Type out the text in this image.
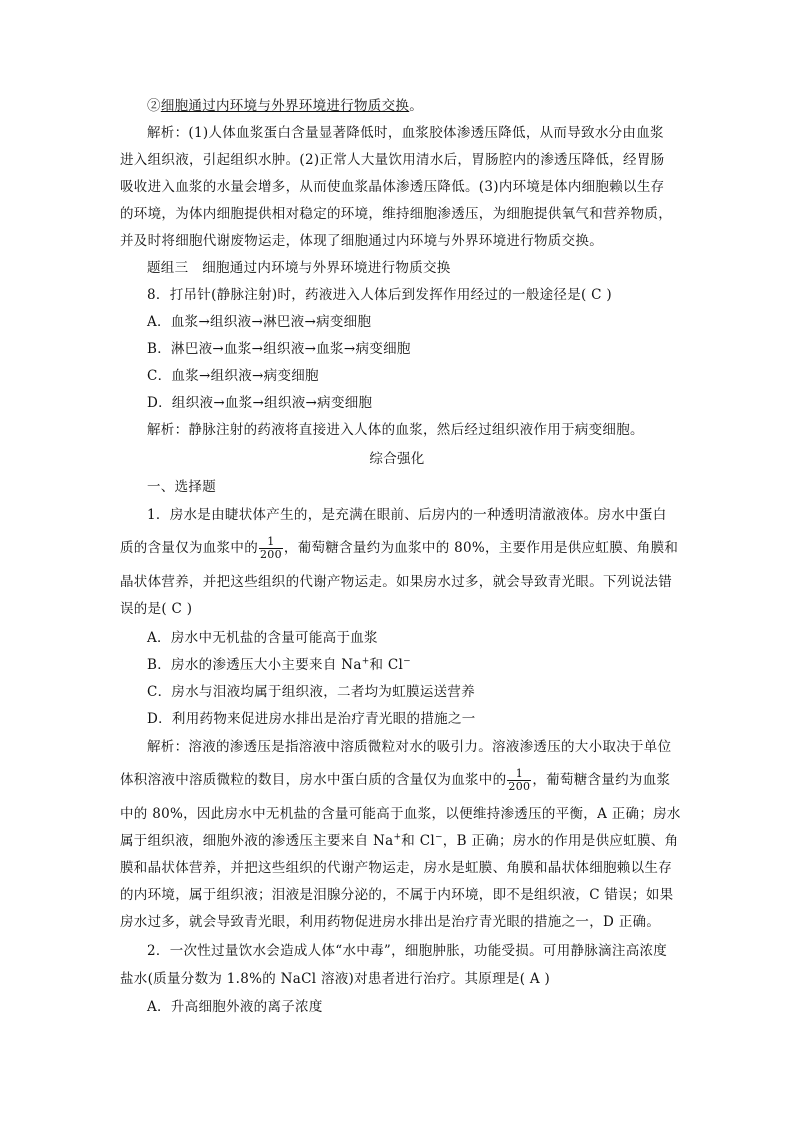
②细胞通过内环境与外界环境进行物质交换。
解析：(1)人体血浆蛋白含量显著降低时，血浆胶体渗透压降低，从而导致水分由血浆
进入组织液，引起组织水肿。(2)正常人大量饮用清水后，胃肠腔内的渗透压降低，经胃肠
吸收进入血浆的水量会增多，从而使血浆晶体渗透压降低。(3)内环境是体内细胞赖以生存
的环境，为体内细胞提供相对稳定的环境，维持细胞渗透压，为细胞提供氧气和营养物质，
并及时将细胞代谢废物运走，体现了细胞通过内环境与外界环境进行物质交换。
题组三　细胞通过内环境与外界环境进行物质交换
8．打吊针(静脉注射)时，药液进入人体后到发挥作用经过的一般途径是( C )
A．血浆→组织液→淋巴液→病变细胞
B．淋巴液→血浆→组织液→血浆→病变细胞
C．血浆→组织液→病变细胞
D．组织液→血浆→组织液→病变细胞
解析：静脉注射的药液将直接进入人体的血浆，然后经过组织液作用于病变细胞。
综合强化
一、选择题
1．房水是由睫状体产生的，是充满在眼前、后房内的一种透明清澈液体。房水中蛋白
质的含量仅为血浆中的 $\frac{1}{200}$ ，葡萄糖含量约为血浆中的 80%，主要作用是供应虹膜、角膜和
晶状体营养，并把这些组织的代谢产物运走。如果房水过多，就会导致青光眼。下列说法错
误的是( C )
A．房水中无机盐的含量可能高于血浆
B．房水的渗透压大小主要来自 Na+和 Cl−
C．房水与泪液均属于组织液，二者均为虹膜运送营养
D．利用药物来促进房水排出是治疗青光眼的措施之一
解析：溶液的渗透压是指溶液中溶质微粒对水的吸引力。溶液渗透压的大小取决于单位
体积溶液中溶质微粒的数目，房水中蛋白质的含量仅为血浆中的 $\frac{1}{200}$ ，葡萄糖含量约为血浆
中的 80%，因此房水中无机盐的含量可能高于血浆，以便维持渗透压的平衡，A 正确；房水
属于组织液，细胞外液的渗透压主要来自 Na+和 Cl−，B 正确；房水的作用是供应虹膜、角
膜和晶状体营养，并把这些组织的代谢产物运走，房水是虹膜、角膜和晶状体细胞赖以生存
的内环境，属于组织液；泪液是泪腺分泌的，不属于内环境，即不是组织液，C 错误；如果
房水过多，就会导致青光眼，利用药物促进房水排出是治疗青光眼的措施之一，D 正确。
2．一次性过量饮水会造成人体“水中毒”，细胞肿胀，功能受损。可用静脉滴注高浓度
盐水(质量分数为 1.8%的 NaCl 溶液)对患者进行治疗。其原理是( A )
A．升高细胞外液的离子浓度
